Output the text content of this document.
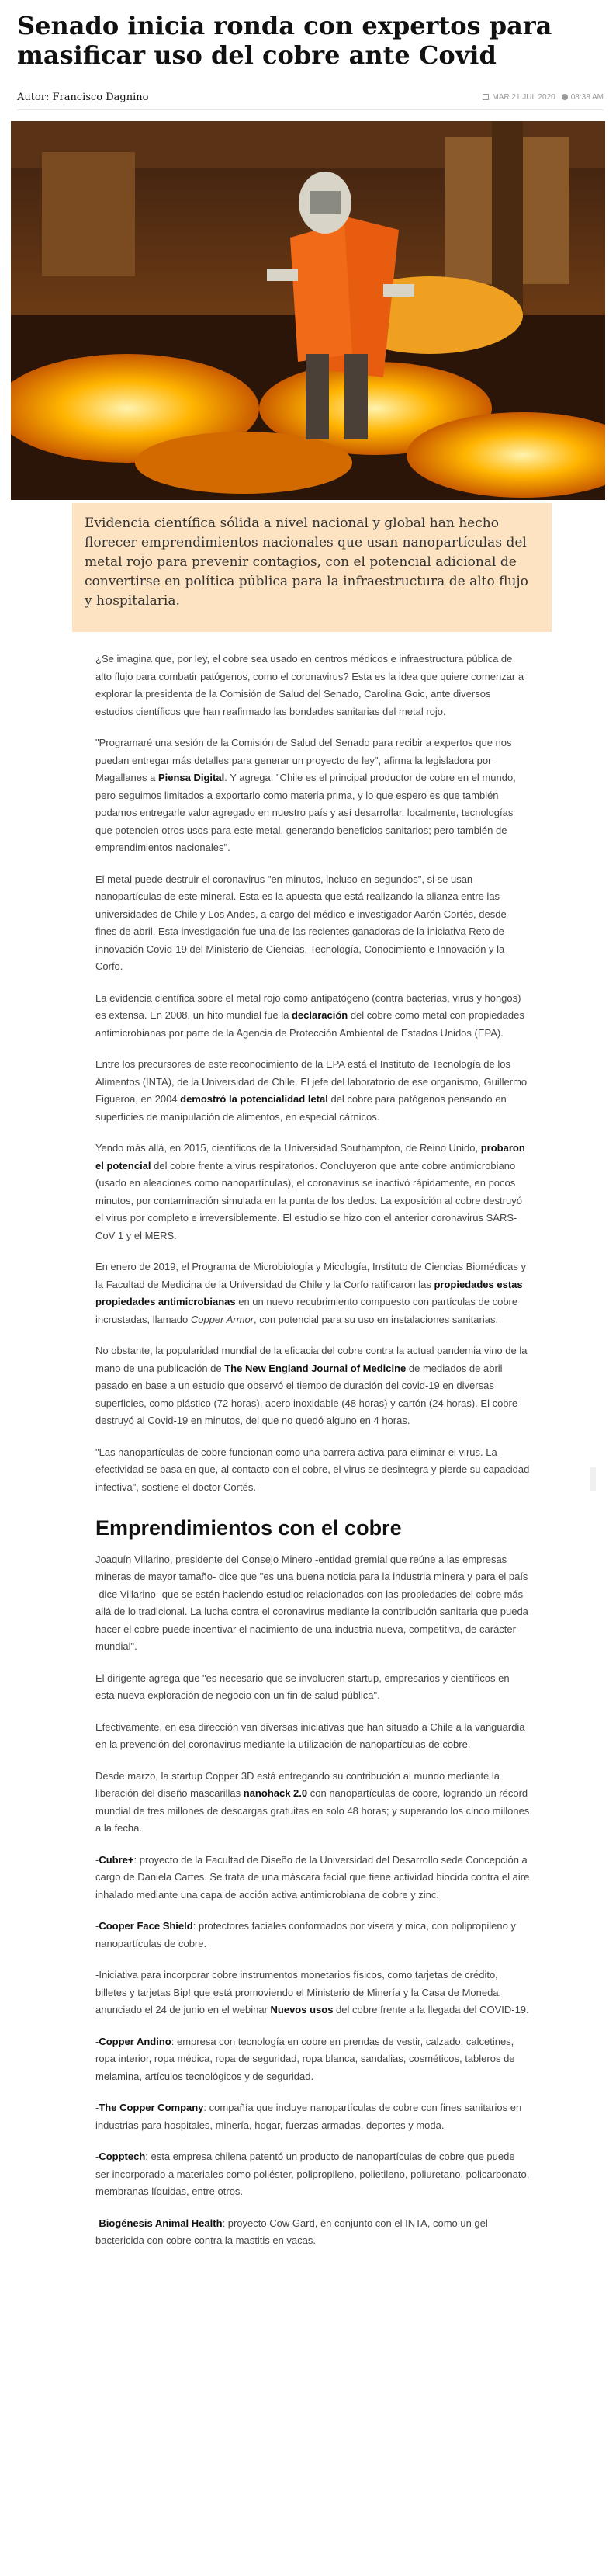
Senado inicia ronda con expertos para masificar uso del cobre ante Covid
Autor: Francisco Dagnino	MAR 21 JUL 2020 08:38 AM
Evidencia científica sólida a nivel nacional y global han hecho florecer emprendimientos nacionales que usan nanopartículas del metal rojo para prevenir contagios, con el potencial adicional de convertirse en política pública para la infraestructura de alto flujo y hospitalaria.

¿Se imagina que, por ley, el cobre sea usado en centros médicos e infraestructura pública de alto flujo para combatir patógenos, como el coronavirus? Esta es la idea que quiere comenzar a explorar la presidenta de la Comisión de Salud del Senado, Carolina Goic, ante diversos estudios científicos que han reafirmado las bondades sanitarias del metal rojo.

"Programaré una sesión de la Comisión de Salud del Senado para recibir a expertos que nos puedan entregar más detalles para generar un proyecto de ley", afirma la legisladora por Magallanes a Piensa Digital. Y agrega: "Chile es el principal productor de cobre en el mundo, pero seguimos limitados a exportarlo como materia prima, y lo que espero es que también podamos entregarle valor agregado en nuestro país y así desarrollar, localmente, tecnologías que potencien otros usos para este metal, generando beneficios sanitarios; pero también de emprendimientos nacionales".

El metal puede destruir el coronavirus "en minutos, incluso en segundos", si se usan nanopartículas de este mineral. Esta es la apuesta que está realizando la alianza entre las universidades de Chile y Los Andes, a cargo del médico e investigador Aarón Cortés, desde fines de abril. Esta investigación fue una de las recientes ganadoras de la iniciativa Reto de innovación Covid-19 del Ministerio de Ciencias, Tecnología, Conocimiento e Innovación y la Corfo.

La evidencia científica sobre el metal rojo como antipatógeno (contra bacterias, virus y hongos) es extensa. En 2008, un hito mundial fue la declaración del cobre como metal con propiedades antimicrobianas por parte de la Agencia de Protección Ambiental de Estados Unidos (EPA).

Entre los precursores de este reconocimiento de la EPA está el Instituto de Tecnología de los Alimentos (INTA), de la Universidad de Chile. El jefe del laboratorio de ese organismo, Guillermo Figueroa, en 2004 demostró la potencialidad letal del cobre para patógenos pensando en superficies de manipulación de alimentos, en especial cárnicos.

Yendo más allá, en 2015, científicos de la Universidad Southampton, de Reino Unido, probaron el potencial del cobre frente a virus respiratorios. Concluyeron que ante cobre antimicrobiano (usado en aleaciones como nanopartículas), el coronavirus se inactivó rápidamente, en pocos minutos, por contaminación simulada en la punta de los dedos. La exposición al cobre destruyó el virus por completo e irreversiblemente. El estudio se hizo con el anterior coronavirus SARS-CoV 1 y el MERS.

En enero de 2019, el Programa de Microbiología y Micología, Instituto de Ciencias Biomédicas y la Facultad de Medicina de la Universidad de Chile y la Corfo ratificaron las propiedades estas propiedades antimicrobianas en un nuevo recubrimiento compuesto con partículas de cobre incrustadas, llamado Copper Armor, con potencial para su uso en instalaciones sanitarias.

No obstante, la popularidad mundial de la eficacia del cobre contra la actual pandemia vino de la mano de una publicación de The New England Journal of Medicine de mediados de abril pasado en base a un estudio que observó el tiempo de duración del covid-19 en diversas superficies, como plástico (72 horas), acero inoxidable (48 horas) y cartón (24 horas). El cobre destruyó al Covid-19 en minutos, del que no quedó alguno en 4 horas.

"Las nanopartículas de cobre funcionan como una barrera activa para eliminar el virus. La efectividad se basa en que, al contacto con el cobre, el virus se desintegra y pierde su capacidad infectiva", sostiene el doctor Cortés.

Emprendimientos con el cobre

Joaquín Villarino, presidente del Consejo Minero -entidad gremial que reúne a las empresas mineras de mayor tamaño- dice que "es una buena noticia para la industria minera y para el país -dice Villarino- que se estén haciendo estudios relacionados con las propiedades del cobre más allá de lo tradicional. La lucha contra el coronavirus mediante la contribución sanitaria que pueda hacer el cobre puede incentivar el nacimiento de una industria nueva, competitiva, de carácter mundial".

El dirigente agrega que "es necesario que se involucren startup, empresarios y científicos en esta nueva exploración de negocio con un fin de salud pública".

Efectivamente, en esa dirección van diversas iniciativas que han situado a Chile a la vanguardia en la prevención del coronavirus mediante la utilización de nanopartículas de cobre.

Desde marzo, la startup Copper 3D está entregando su contribución al mundo mediante la liberación del diseño mascarillas nanohack 2.0 con nanopartículas de cobre, logrando un récord mundial de tres millones de descargas gratuitas en solo 48 horas; y superando los cinco millones a la fecha.

-Cubre+: proyecto de la Facultad de Diseño de la Universidad del Desarrollo sede Concepción a cargo de Daniela Cartes. Se trata de una máscara facial que tiene actividad biocida contra el aire inhalado mediante una capa de acción activa antimicrobiana de cobre y zinc.

-Cooper Face Shield: protectores faciales conformados por visera y mica, con polipropileno y nanopartículas de cobre.

-Iniciativa para incorporar cobre instrumentos monetarios físicos, como tarjetas de crédito, billetes y tarjetas Bip! que está promoviendo el Ministerio de Minería y la Casa de Moneda, anunciado el 24 de junio en el webinar Nuevos usos del cobre frente a la llegada del COVID-19.

-Copper Andino: empresa con tecnología en cobre en prendas de vestir, calzado, calcetines, ropa interior, ropa médica, ropa de seguridad, ropa blanca, sandalias, cosméticos, tableros de melamina, artículos tecnológicos y de seguridad.

-The Copper Company: compañía que incluye nanopartículas de cobre con fines sanitarios en industrias para hospitales, minería, hogar, fuerzas armadas, deportes y moda.

-Copptech: esta empresa chilena patentó un producto de nanopartículas de cobre que puede ser incorporado a materiales como poliéster, polipropileno, polietileno, poliuretano, policarbonato, membranas líquidas, entre otros.

-Biogénesis Animal Health: proyecto Cow Gard, en conjunto con el INTA, como un gel bactericida con cobre contra la mastitis en vacas.
